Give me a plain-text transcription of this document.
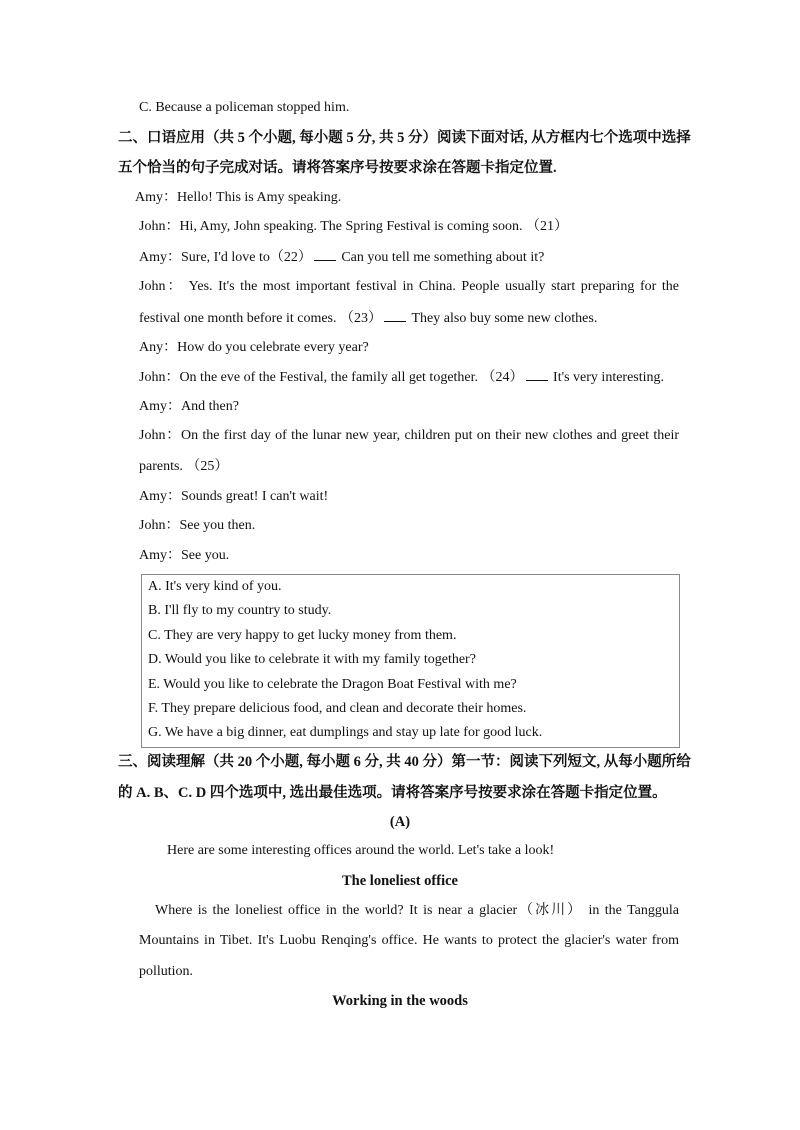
C. Because a policeman stopped him.
二、口语应用（共 5 个小题, 每小题 5 分, 共 5 分）阅读下面对话, 从方框内七个选项中选择
五个恰当的句子完成对话。请将答案序号按要求涂在答题卡指定位置.
Amy：Hello! This is Amy speaking.
John：Hi, Amy, John speaking. The Spring Festival is coming soon. （21）
Amy：Sure, I'd love to（22） Can you tell me something about it?
John： Yes. It's the most important festival in China. People usually start preparing for the
festival one month before it comes. （23） They also buy some new clothes.
Any：How do you celebrate every year?
John：On the eve of the Festival, the family all get together. （24） It's very interesting.
Amy：And then?
John：On the first day of the lunar new year, children put on their new clothes and greet their
parents. （25）
Amy：Sounds great! I can't wait!
John：See you then.
Amy：See you.
A. It's very kind of you.
B. I'll fly to my country to study.
C. They are very happy to get lucky money from them.
D. Would you like to celebrate it with my family together?
E. Would you like to celebrate the Dragon Boat Festival with me?
F. They prepare delicious food, and clean and decorate their homes.
G. We have a big dinner, eat dumplings and stay up late for good luck.
三、阅读理解（共 20 个小题, 每小题 6 分, 共 40 分）第一节：阅读下列短文, 从每小题所给
的 A. B、C. D 四个选项中, 选出最佳选项。请将答案序号按要求涂在答题卡指定位置。
(A)
Here are some interesting offices around the world. Let's take a look!
The loneliest office
Where is the loneliest office in the world? It is near a glacier（冰川） in the Tanggula
Mountains in Tibet. It's Luobu Renqing's office. He wants to protect the glacier's water from
pollution.
Working in the woods
